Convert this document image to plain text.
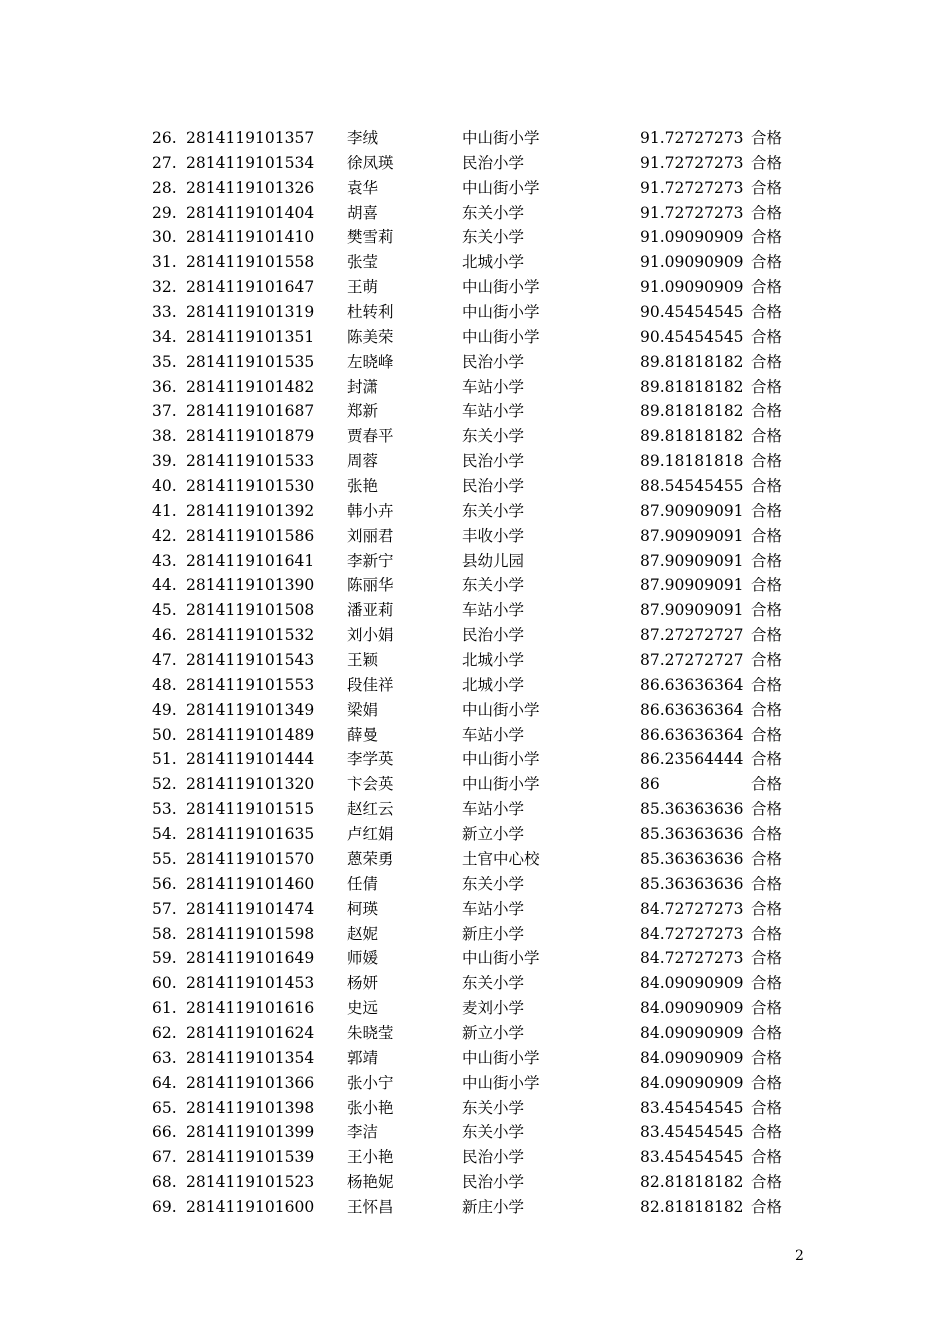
26. 2814119101357 李绒	中山街小学	91.72727273 合格
27. 2814119101534 徐凤瑛	民治小学	91.72727273 合格
28. 2814119101326 袁华	中山街小学	91.72727273 合格
29. 2814119101404 胡喜	东关小学	91.72727273 合格
30. 2814119101410 樊雪莉	东关小学	91.09090909 合格
31. 2814119101558 张莹	北城小学	91.09090909 合格
32. 2814119101647 王萌	中山街小学	91.09090909 合格
33. 2814119101319 杜转利	中山街小学	90.45454545 合格
34. 2814119101351 陈美荣	中山街小学	90.45454545 合格
35. 2814119101535 左晓峰	民治小学	89.81818182 合格
36. 2814119101482 封潇	车站小学	89.81818182 合格
37. 2814119101687 郑新	车站小学	89.81818182 合格
38. 2814119101879 贾春平	东关小学	89.81818182 合格
39. 2814119101533 周蓉	民治小学	89.18181818 合格
40. 2814119101530 张艳	民治小学	88.54545455 合格
41. 2814119101392 韩小卉	东关小学	87.90909091 合格
42. 2814119101586 刘丽君	丰收小学	87.90909091 合格
43. 2814119101641 李新宁	县幼儿园	87.90909091 合格
44. 2814119101390 陈丽华	东关小学	87.90909091 合格
45. 2814119101508 潘亚莉	车站小学	87.90909091 合格
46. 2814119101532 刘小娟	民治小学	87.27272727 合格
47. 2814119101543 王颖	北城小学	87.27272727 合格
48. 2814119101553 段佳祥	北城小学	86.63636364 合格
49. 2814119101349 梁娟	中山街小学	86.63636364 合格
50. 2814119101489 薛曼	车站小学	86.63636364 合格
51. 2814119101444 李学英	中山街小学	86.23564444 合格
52. 2814119101320 卞会英	中山街小学	86	合格
53. 2814119101515 赵红云	车站小学	85.36363636 合格
54. 2814119101635 卢红娟	新立小学	85.36363636 合格
55. 2814119101570 蒽荣勇	土官中心校	85.36363636 合格
56. 2814119101460 任倩	东关小学	85.36363636 合格
57. 2814119101474 柯瑛	车站小学	84.72727273 合格
58. 2814119101598 赵妮	新庄小学	84.72727273 合格
59. 2814119101649 师媛	中山街小学	84.72727273 合格
60. 2814119101453 杨妍	东关小学	84.09090909 合格
61. 2814119101616 史远	麦刘小学	84.09090909 合格
62. 2814119101624 朱晓莹	新立小学	84.09090909 合格
63. 2814119101354 郭靖	中山街小学	84.09090909 合格
64. 2814119101366 张小宁	中山街小学	84.09090909 合格
65. 2814119101398 张小艳	东关小学	83.45454545 合格
66. 2814119101399 李洁	东关小学	83.45454545 合格
67. 2814119101539 王小艳	民治小学	83.45454545 合格
68. 2814119101523 杨艳妮	民治小学	82.81818182 合格
69. 2814119101600 王怀昌	新庄小学	82.81818182 合格
2
